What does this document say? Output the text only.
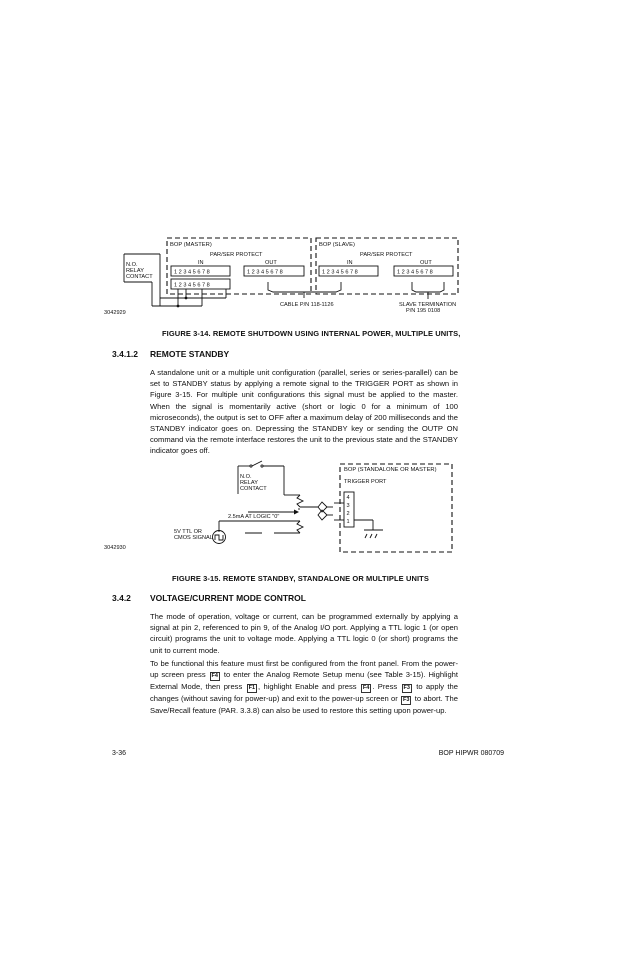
N.O.
RELAY
CONTACT
BOP (MASTER)
PAR/SER PROTECT
IN	OUT
1 2 3 4 5 6 7 8	1 2 3 4 5 6 7 8
1 2 3 4 5 6 7 8
BOP (SLAVE)
PAR/SER PROTECT
IN	OUT
1 2 3 4 5 6 7 8	1 2 3 4 5 6 7 8
CABLE P/N 118-1126	SLAVE TERMINATION
P/N 195 0108
3042929
N.O.
RELAY
CONTACT
2.5mA AT LOGIC "0"
5V TTL OR
CMOS SIGNAL
BOP (STANDALONE OR MASTER)
TRIGGER PORT
4
3
2
1
3042930
FIGURE 3-14. REMOTE SHUTDOWN USING INTERNAL POWER, MULTIPLE UNITS,
3.4.1.2 REMOTE STANDBY
A standalone unit or a multiple unit configuration (parallel, series or series-parallel) can be set to STANDBY status by applying a remote signal to the TRIGGER PORT as shown in Figure 3-15. For multiple unit configurations this signal must be applied to the master. When the signal is momentarily active (short or logic 0 for a minimum of 100 microseconds), the output is set to OFF after a maximum delay of 200 milliseconds and the STANDBY indicator goes on. Depressing the STANDBY key or sending the OUTP ON command via the remote interface restores the unit to the previous state and the STANDBY indicator goes off.
FIGURE 3-15. REMOTE STANDBY, STANDALONE OR MULTIPLE UNITS
3.4.2 VOLTAGE/CURRENT MODE CONTROL
The mode of operation, voltage or current, can be programmed externally by applying a signal at pin 2, referenced to pin 9, of the Analog I/O port. Applying a TTL logic 1 (or open circuit) programs the unit to voltage mode. Applying a TTL logic 0 (or short) programs the unit to current mode.
To be functional this feature must first be configured from the front panel. From the power-up screen press F4 to enter the Analog Remote Setup menu (see Table 3-15). Highlight External Mode, then press F1 , highlight Enable and press F4 . Press F3 to apply the changes (without saving for power-up) and exit to the power-up screen or F3 to abort. The Save/Recall feature (PAR. 3.3.8) can also be used to restore this setting upon power-up.
3-36	BOP HIPWR 080709
